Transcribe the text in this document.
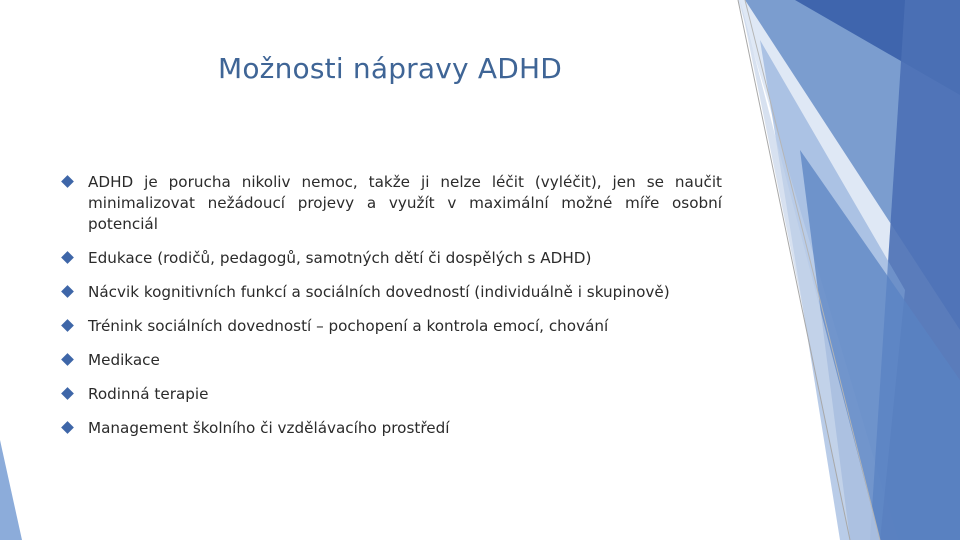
Možnosti nápravy ADHD
ADHD je porucha nikoliv nemoc, takže ji nelze léčit (vyléčit), jen se naučit minimalizovat nežádoucí projevy a využít v maximální možné míře osobní potenciál
Edukace (rodičů, pedagogů, samotných dětí či dospělých s ADHD)
Nácvik kognitivních funkcí a sociálních dovedností (individuálně i skupinově)
Trénink sociálních dovedností – pochopení a kontrola emocí, chování
Medikace
Rodinná terapie
Management školního či vzdělávacího prostředí
